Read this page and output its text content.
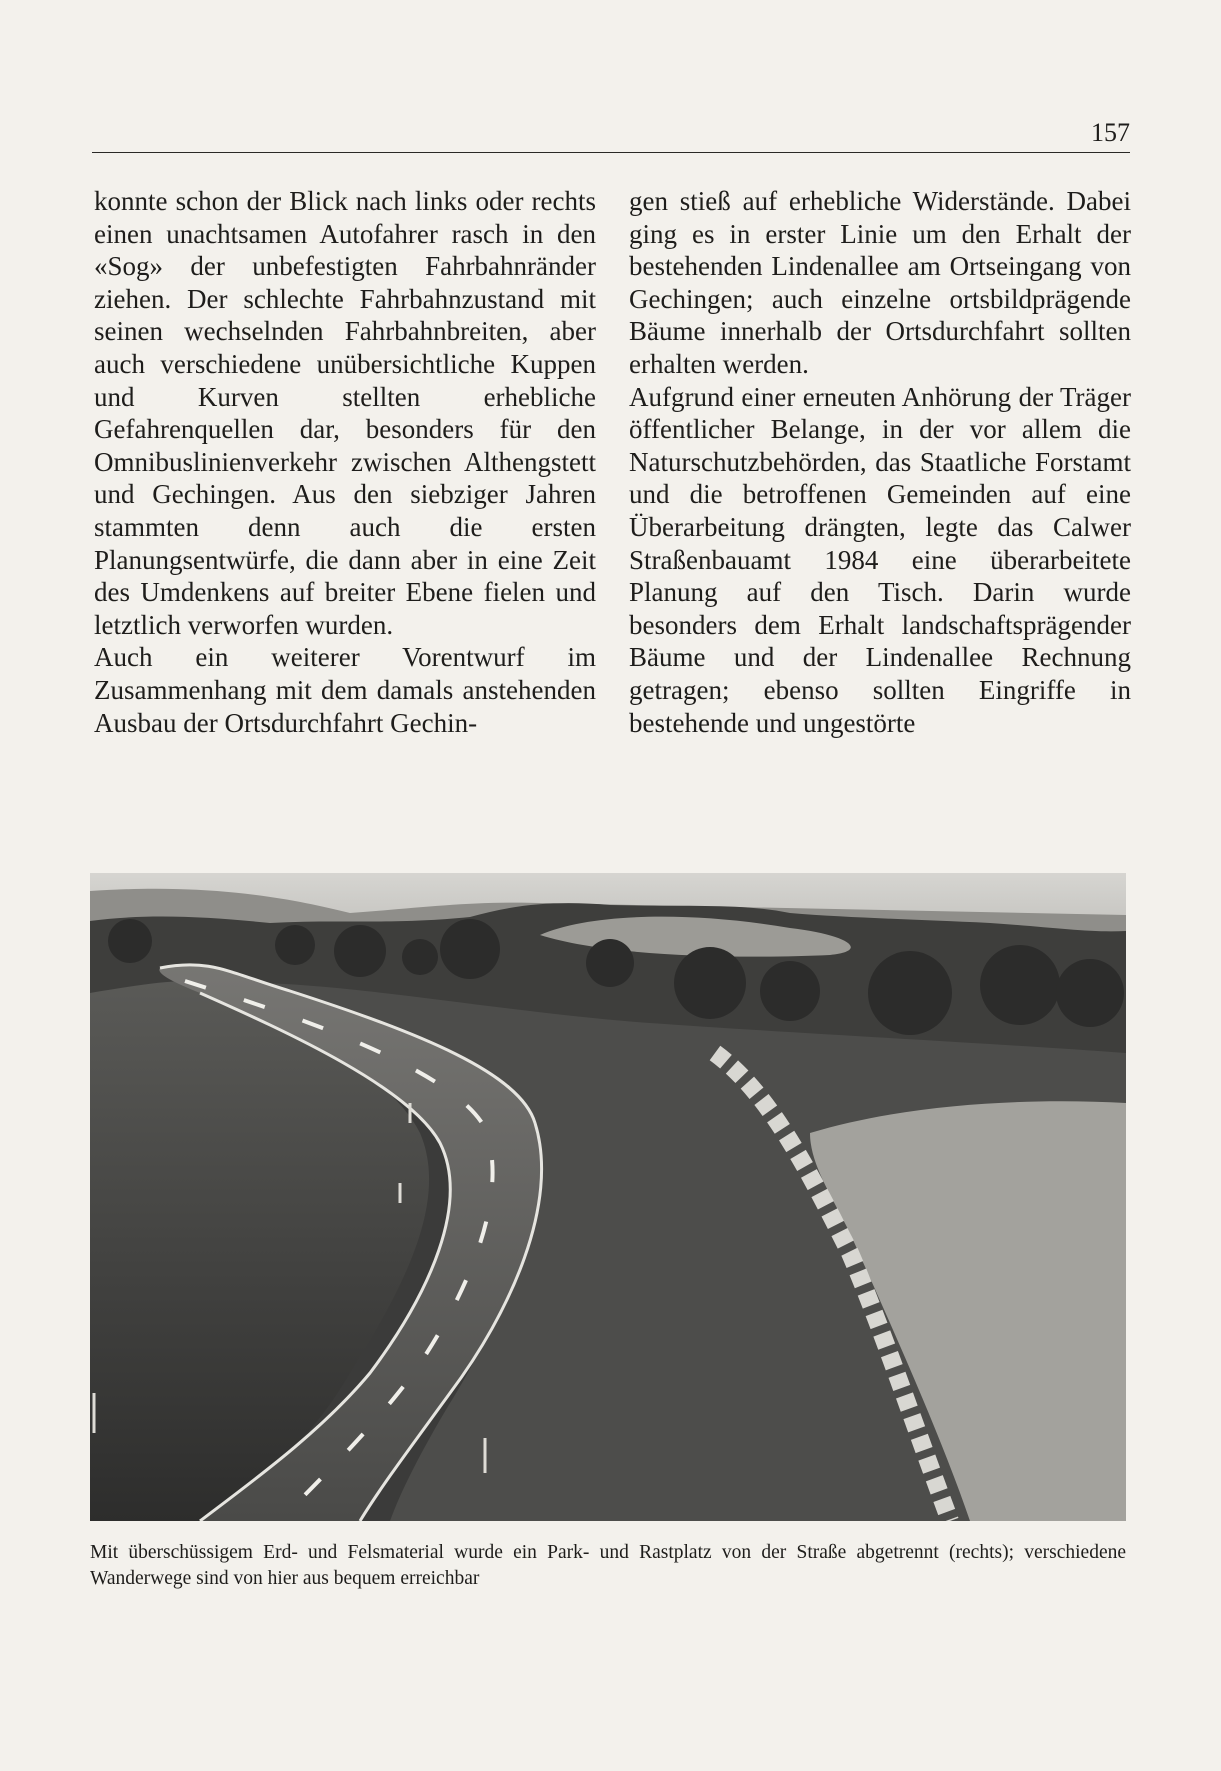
157

konnte schon der Blick nach links oder rechts einen unachtsamen Autofahrer rasch in den «Sog» der unbefestigten Fahrbahnränder ziehen. Der schlechte Fahrbahnzustand mit seinen wechselnden Fahrbahnbreiten, aber auch verschiedene unübersichtliche Kuppen und Kurven stellten erhebliche Gefahrenquellen dar, besonders für den Omnibuslinienverkehr zwischen Althengstett und Gechingen. Aus den siebziger Jahren stammten denn auch die ersten Planungsentwürfe, die dann aber in eine Zeit des Umdenkens auf breiter Ebene fielen und letztlich verworfen wurden.

Auch ein weiterer Vorentwurf im Zusammenhang mit dem damals anstehenden Ausbau der Ortsdurchfahrt Gechin-

gen stieß auf erhebliche Widerstände. Dabei ging es in erster Linie um den Erhalt der bestehenden Lindenallee am Ortseingang von Gechingen; auch einzelne ortsbildprägende Bäume innerhalb der Ortsdurchfahrt sollten erhalten werden.

Aufgrund einer erneuten Anhörung der Träger öffentlicher Belange, in der vor allem die Naturschutzbehörden, das Staatliche Forstamt und die betroffenen Gemeinden auf eine Überarbeitung drängten, legte das Calwer Straßenbauamt 1984 eine überarbeitete Planung auf den Tisch. Darin wurde besonders dem Erhalt landschaftsprägender Bäume und der Lindenallee Rechnung getragen; ebenso sollten Eingriffe in bestehende und ungestörte

Mit überschüssigem Erd- und Felsmaterial wurde ein Park- und Rastplatz von der Straße abgetrennt (rechts); verschiedene Wanderwege sind von hier aus bequem erreichbar
